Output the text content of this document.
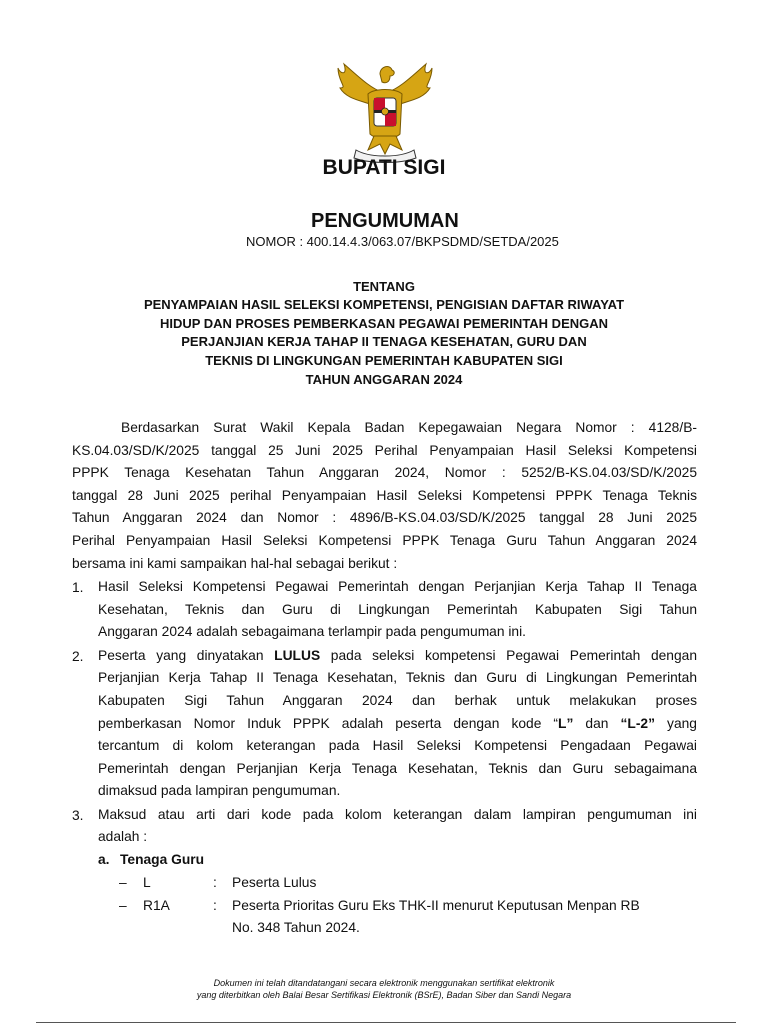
BUPATI SIGI
PENGUMUMAN
NOMOR : 400.14.4.3/063.07/BKPSDMD/SETDA/2025
TENTANG
PENYAMPAIAN HASIL SELEKSI KOMPETENSI, PENGISIAN DAFTAR RIWAYAT
HIDUP DAN PROSES PEMBERKASAN PEGAWAI PEMERINTAH DENGAN
PERJANJIAN KERJA TAHAP II TENAGA KESEHATAN, GURU DAN
TEKNIS DI LINGKUNGAN PEMERINTAH KABUPATEN SIGI
TAHUN ANGGARAN 2024
Berdasarkan Surat Wakil Kepala Badan Kepegawaian Negara Nomor : 4128/B-
KS.04.03/SD/K/2025 tanggal 25 Juni 2025 Perihal Penyampaian Hasil Seleksi Kompetensi
PPPK Tenaga Kesehatan Tahun Anggaran 2024, Nomor : 5252/B-KS.04.03/SD/K/2025
tanggal 28 Juni 2025 perihal Penyampaian Hasil Seleksi Kompetensi PPPK Tenaga Teknis
Tahun Anggaran 2024 dan Nomor : 4896/B-KS.04.03/SD/K/2025 tanggal 28 Juni 2025
Perihal Penyampaian Hasil Seleksi Kompetensi PPPK Tenaga Guru Tahun Anggaran 2024
bersama ini kami sampaikan hal-hal sebagai berikut :
1. Hasil Seleksi Kompetensi Pegawai Pemerintah dengan Perjanjian Kerja Tahap II Tenaga
Kesehatan, Teknis dan Guru di Lingkungan Pemerintah Kabupaten Sigi Tahun
Anggaran 2024 adalah sebagaimana terlampir pada pengumuman ini.
2. Peserta yang dinyatakan LULUS pada seleksi kompetensi Pegawai Pemerintah dengan
Perjanjian Kerja Tahap II Tenaga Kesehatan, Teknis dan Guru di Lingkungan Pemerintah
Kabupaten Sigi Tahun Anggaran 2024 dan berhak untuk melakukan proses
pemberkasan Nomor Induk PPPK adalah peserta dengan kode “L” dan “L-2” yang
tercantum di kolom keterangan pada Hasil Seleksi Kompetensi Pengadaan Pegawai
Pemerintah dengan Perjanjian Kerja Tenaga Kesehatan, Teknis dan Guru sebagaimana
dimaksud pada lampiran pengumuman.
3. Maksud atau arti dari kode pada kolom keterangan dalam lampiran pengumuman ini
adalah :
a. Tenaga Guru
– L	: Peserta Lulus
– R1A	: Peserta Prioritas Guru Eks THK-II menurut Keputusan Menpan RB
No. 348 Tahun 2024.
Dokumen ini telah ditandatangani secara elektronik menggunakan sertifikat elektronik
yang diterbitkan oleh Balai Besar Sertifikasi Elektronik (BSrE), Badan Siber dan Sandi Negara
